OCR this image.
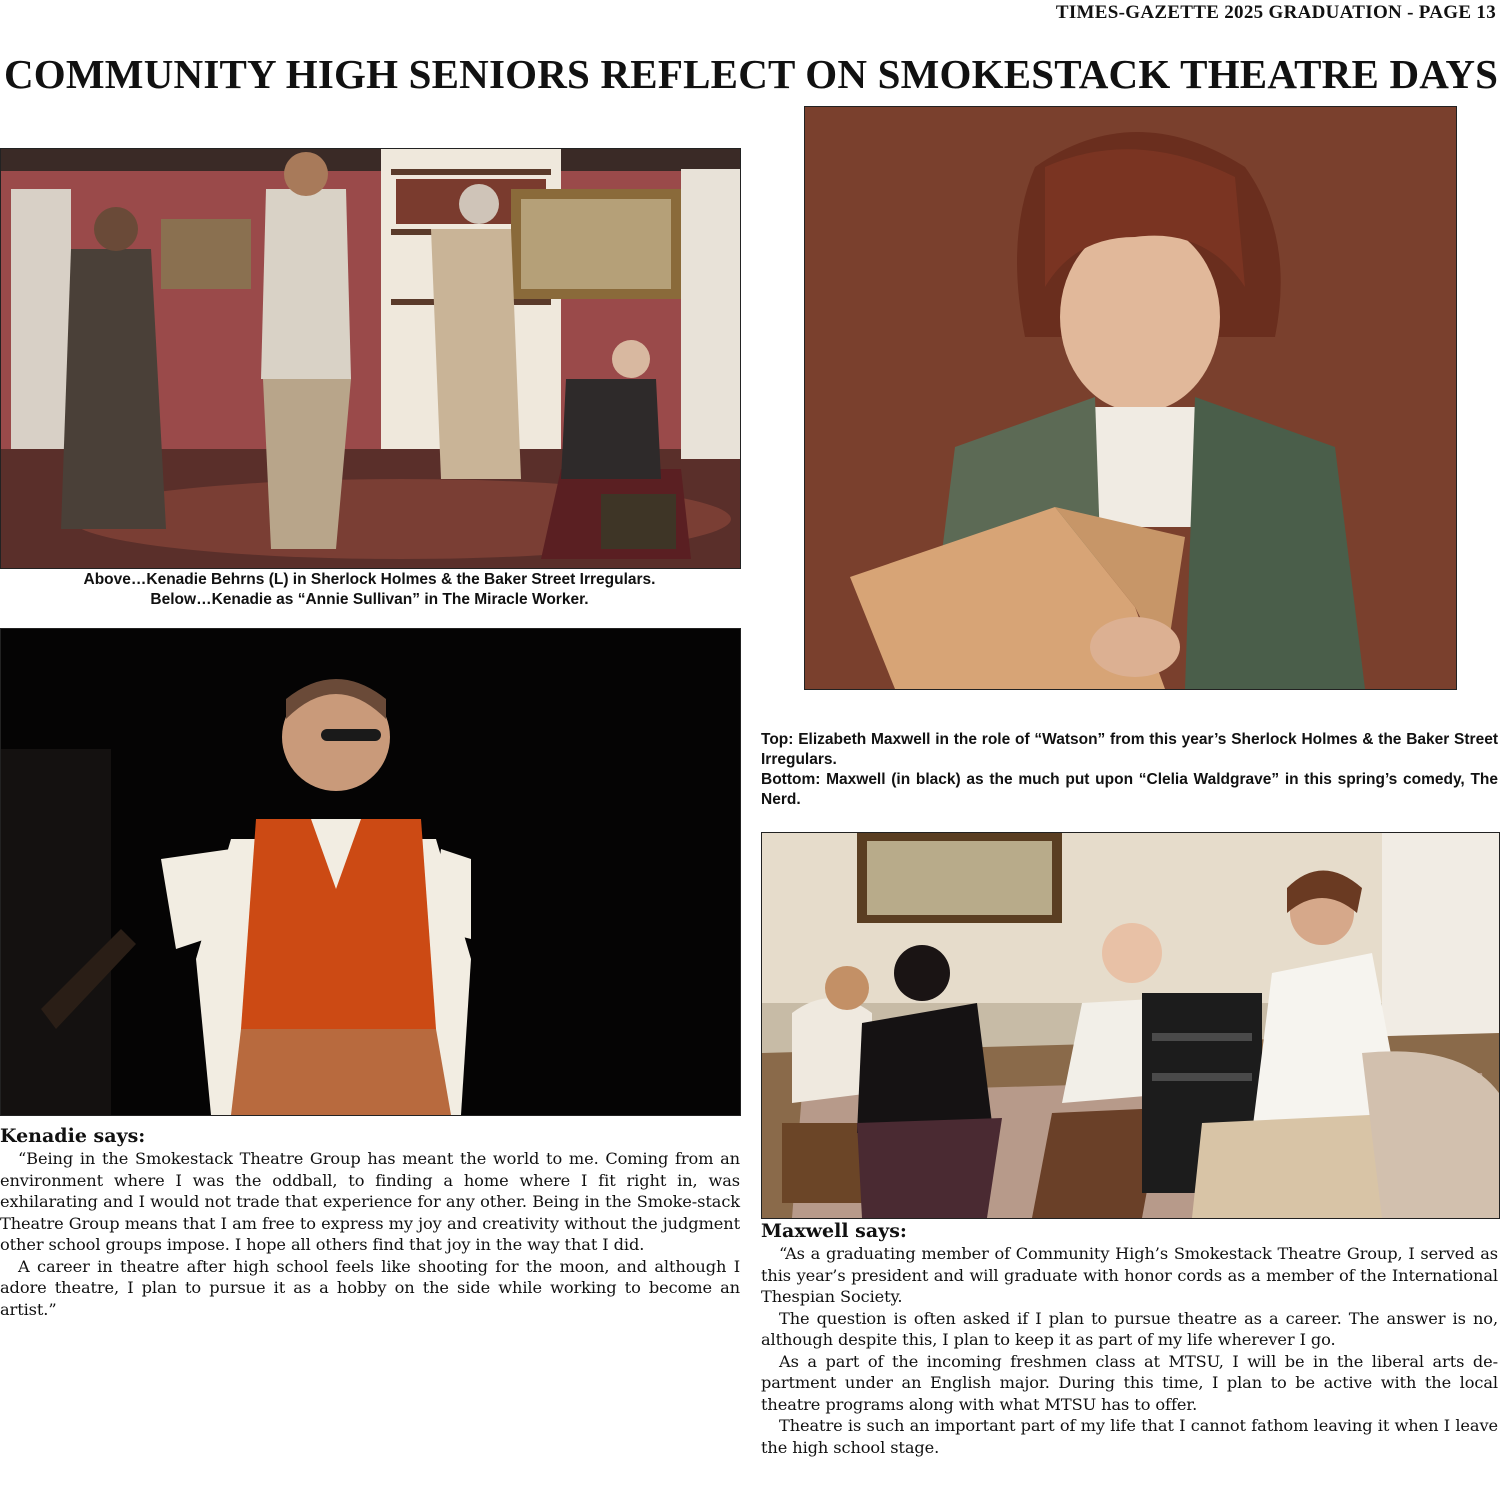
TIMES-GAZETTE 2025 GRADUATION - PAGE 13
COMMUNITY HIGH SENIORS REFLECT ON SMOKESTACK THEATRE DAYS

Above…Kenadie Behrns (L) in Sherlock Holmes & the Baker Street Irregulars.

Below…Kenadie as “Annie Sullivan” in The Miracle Worker.

Top: Elizabeth Maxwell in the role of “Watson” from this year’s Sherlock Holmes & the Baker Street Irregulars.

Bottom: Maxwell (in black) as the much put upon “Clelia Waldgrave” in this spring’s comedy, The Nerd.

Kenadie says:

“Being in the Smokestack Theatre Group has meant the world to me. Coming from an environment where I was the oddball, to finding a home where I fit right in, was exhilarating and I would not trade that experience for any other. Being in the Smoke-stack Theatre Group means that I am free to express my joy and creativity without the judgment other school groups impose. I hope all others find that joy in the way that I did.

A career in theatre after high school feels like shooting for the moon, and although I adore theatre, I plan to pursue it as a hobby on the side while working to become an artist.”

Maxwell says:

“As a graduating member of Community High’s Smokestack Theatre Group, I served as this year’s president and will graduate with honor cords as a member of the International Thespian Society.

The question is often asked if I plan to pursue theatre as a career. The answer is no, although despite this, I plan to keep it as part of my life wherever I go.

As a part of the incoming freshmen class at MTSU, I will be in the liberal arts de-partment under an English major. During this time, I plan to be active with the local theatre programs along with what MTSU has to offer.

Theatre is such an important part of my life that I cannot fathom leaving it when I leave the high school stage.
